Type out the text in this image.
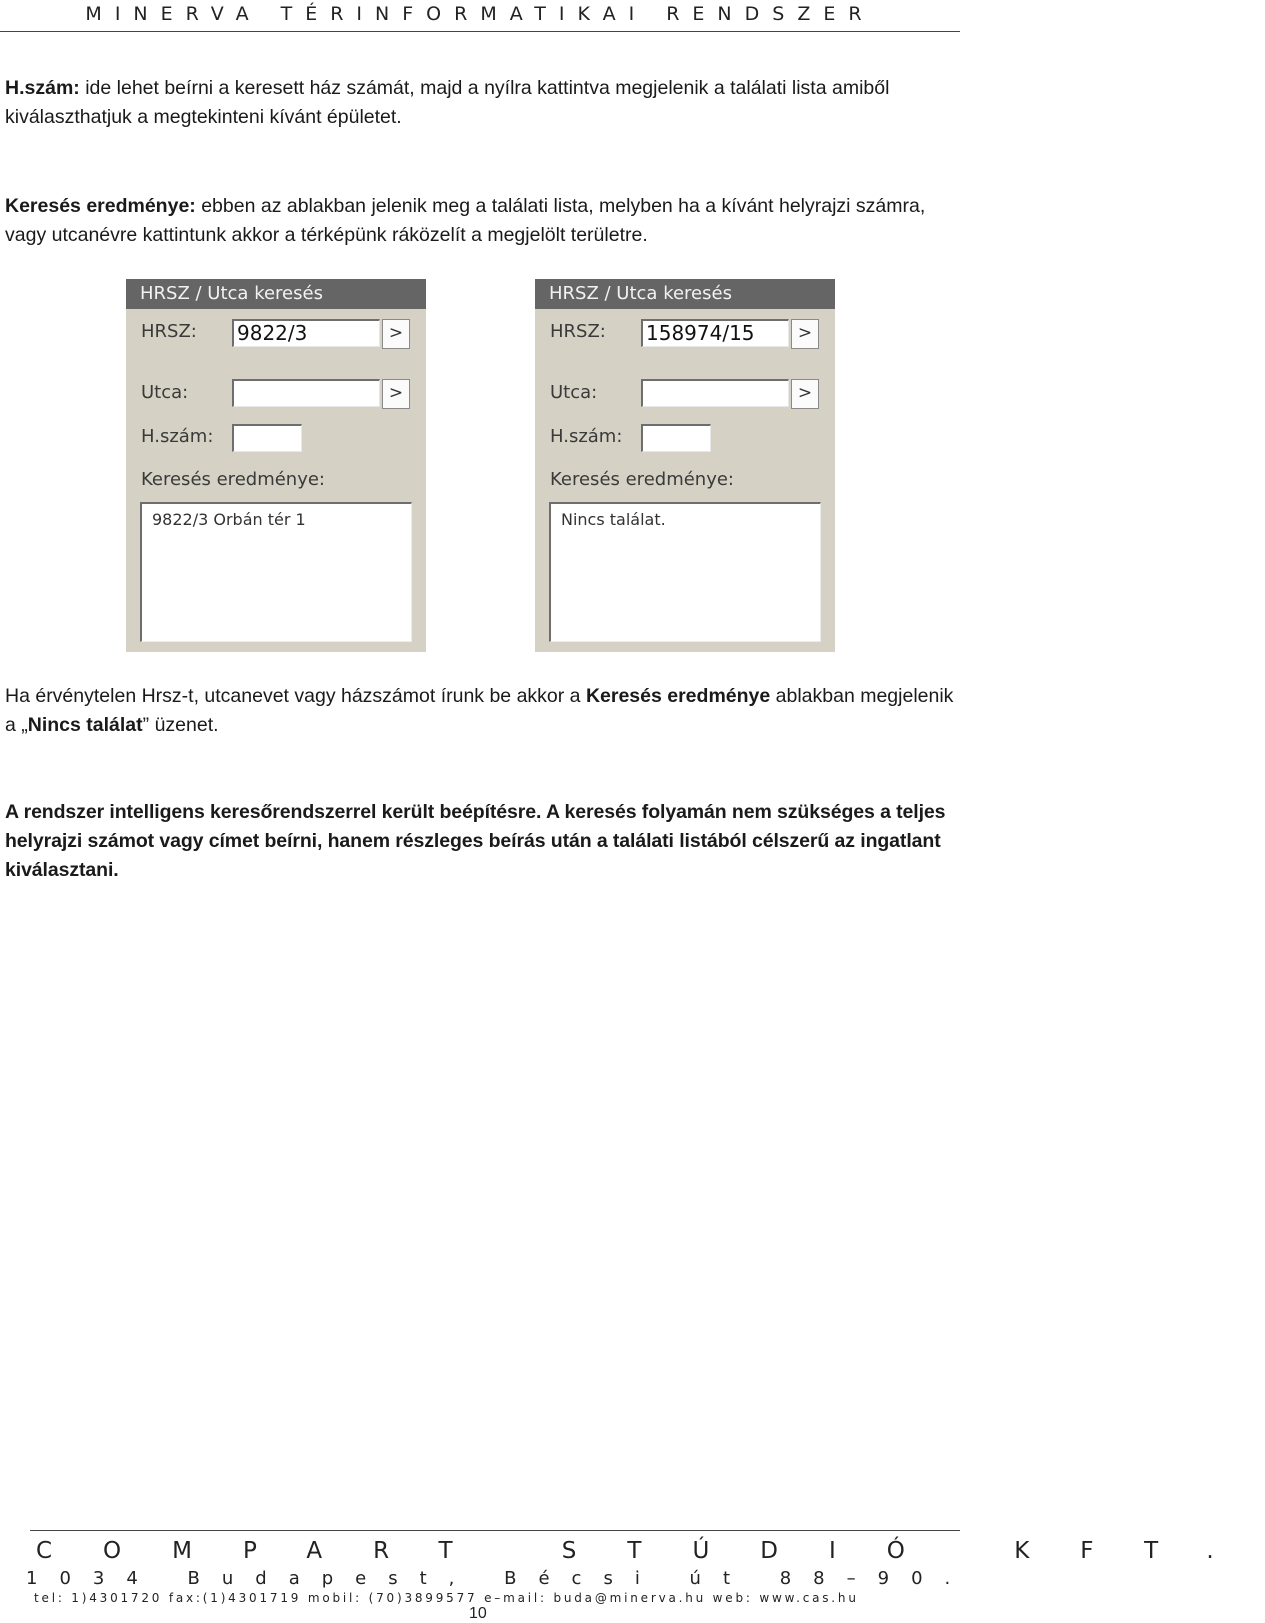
MINERVA TÉRINFORMATIKAI RENDSZER

H.szám: ide lehet beírni a keresett ház számát, majd a nyílra kattintva megjelenik a találati lista amiből kiválaszthatjuk a megtekinteni kívánt épületet.

Keresés eredménye: ebben az ablakban jelenik meg a találati lista, melyben ha a kívánt helyrajzi számra, vagy utcanévre kattintunk akkor a térképünk ráközelít a megjelölt területre.

HRSZ / Utca keresés
HRSZ: 9822/3	>
Utca:	>
H.szám:
Keresés eredménye:
9822/3 Orbán tér 1
HRSZ / Utca keresés
HRSZ: 158974/15	>
Utca:	>
H.szám:
Keresés eredménye:
Nincs találat.

Ha érvénytelen Hrsz-t, utcanevet vagy házszámot írunk be akkor a Keresés eredménye ablakban megjelenik a „Nincs találat” üzenet.

A rendszer intelligens keresőrendszerrel került beépítésre. A keresés folyamán nem szükséges a teljes helyrajzi számot vagy címet beírni, hanem részleges beírás után a találati listából célszerű az ingatlant kiválasztani.

COMPART STÚDIÓ KFT.
1034 Budapest, Bécsi út 88–90.
tel: 1)4301720 fax:(1)4301719 mobil: (70)3899577 e–mail: buda@minerva.hu web: www.cas.hu
10
